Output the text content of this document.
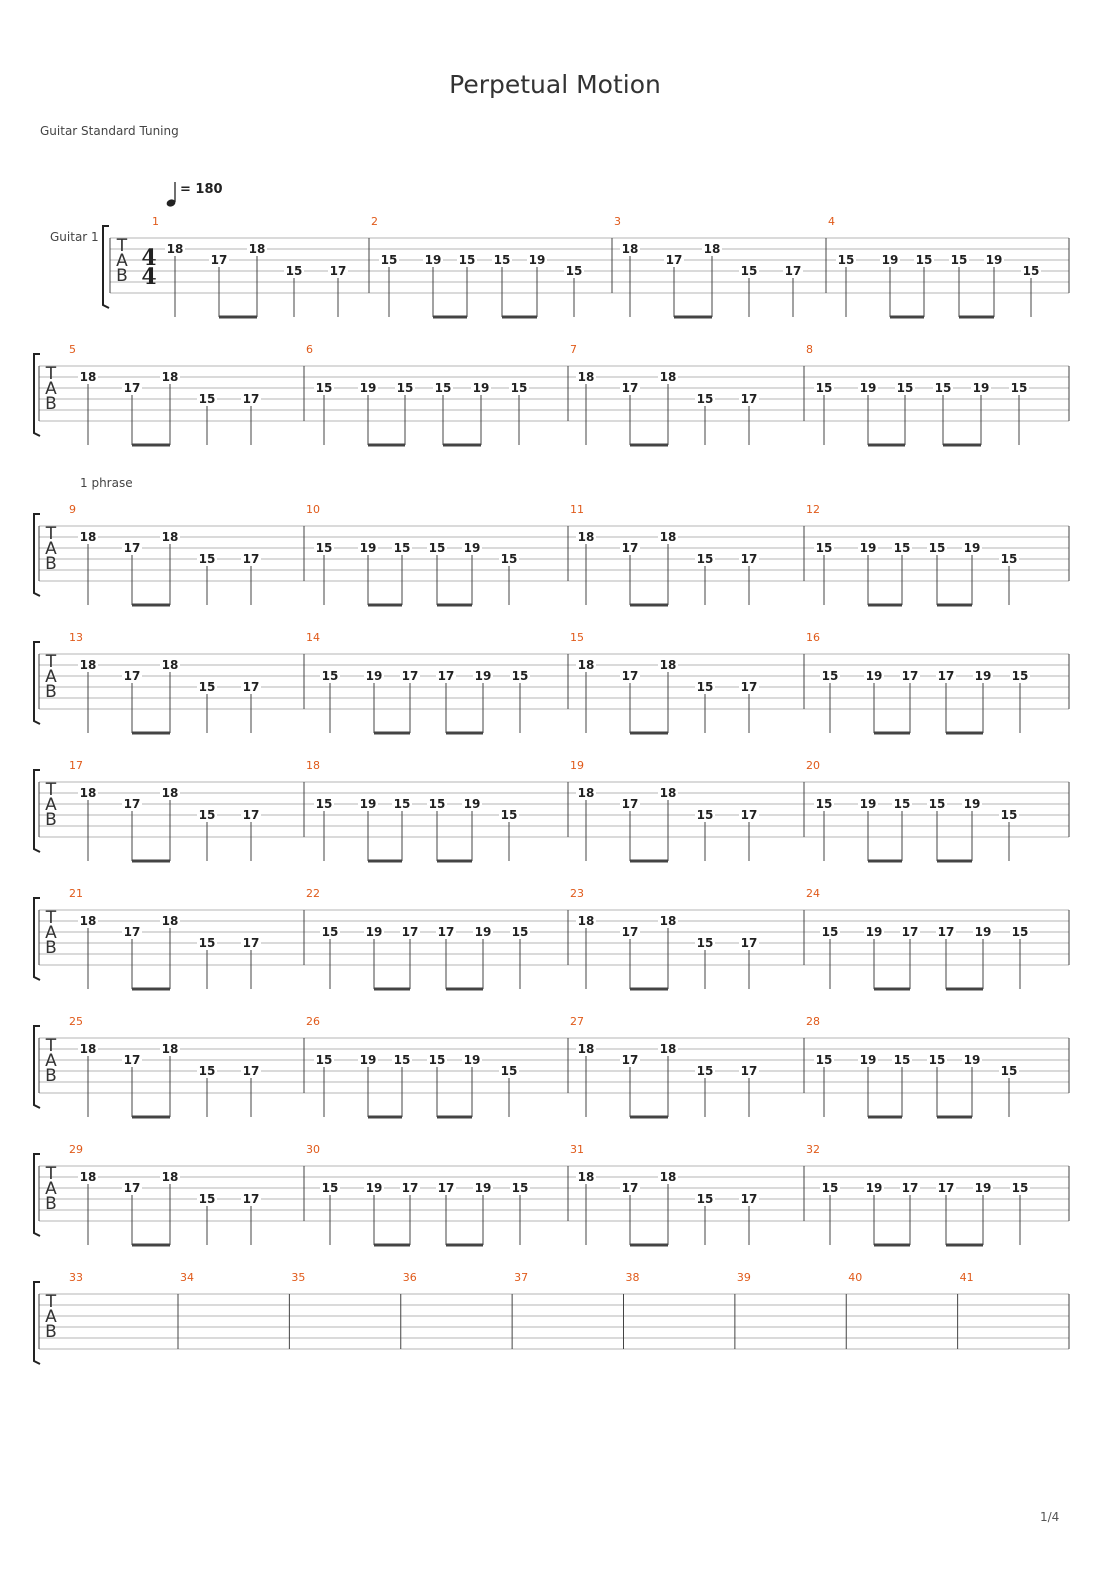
Perpetual Motion
Guitar Standard Tuning
T
A
B
1
18
17
18
15 17
2
15 19 15 15 19
15
3
18
17
18
15 17
4
15 19 15 15 19
15
4
4
Guitar 1
= 180
T
A
B
5
18
17
18
15 17
6
15 19 15 15 19 15
7
18
17
18
15 17
8
15 19 15 15 19 15
T
A
B
9
18
17
18
15 17
10
15 19 15 15 19
15
11
18
17
18
15 17
12
15 19 15 15 19
15
1 phrase
T
A
B
13
18
17
18
15 17
14
15 19 17 17 19 15
15
18
17
18
15 17
16
15 19 17 17 19 15
T
A
B
17
18
17
18
15 17
18
15 19 15 15 19
15
19
18
17
18
15 17
20
15 19 15 15 19
15
T
A
B
21
18
17
18
15 17
22
15 19 17 17 19 15
23
18
17
18
15 17
24
15 19 17 17 19 15
T
A
B
25
18
17
18
15 17
26
15 19 15 15 19
15
27
18
17
18
15 17
28
15 19 15 15 19
15
T
A
B
29
18
17
18
15 17
30
15 19 17 17 19 15
31
18
17
18
15 17
32
15 19 17 17 19 15
T
A
B
33	34	35	36	37	38	39	40	41
1/4
